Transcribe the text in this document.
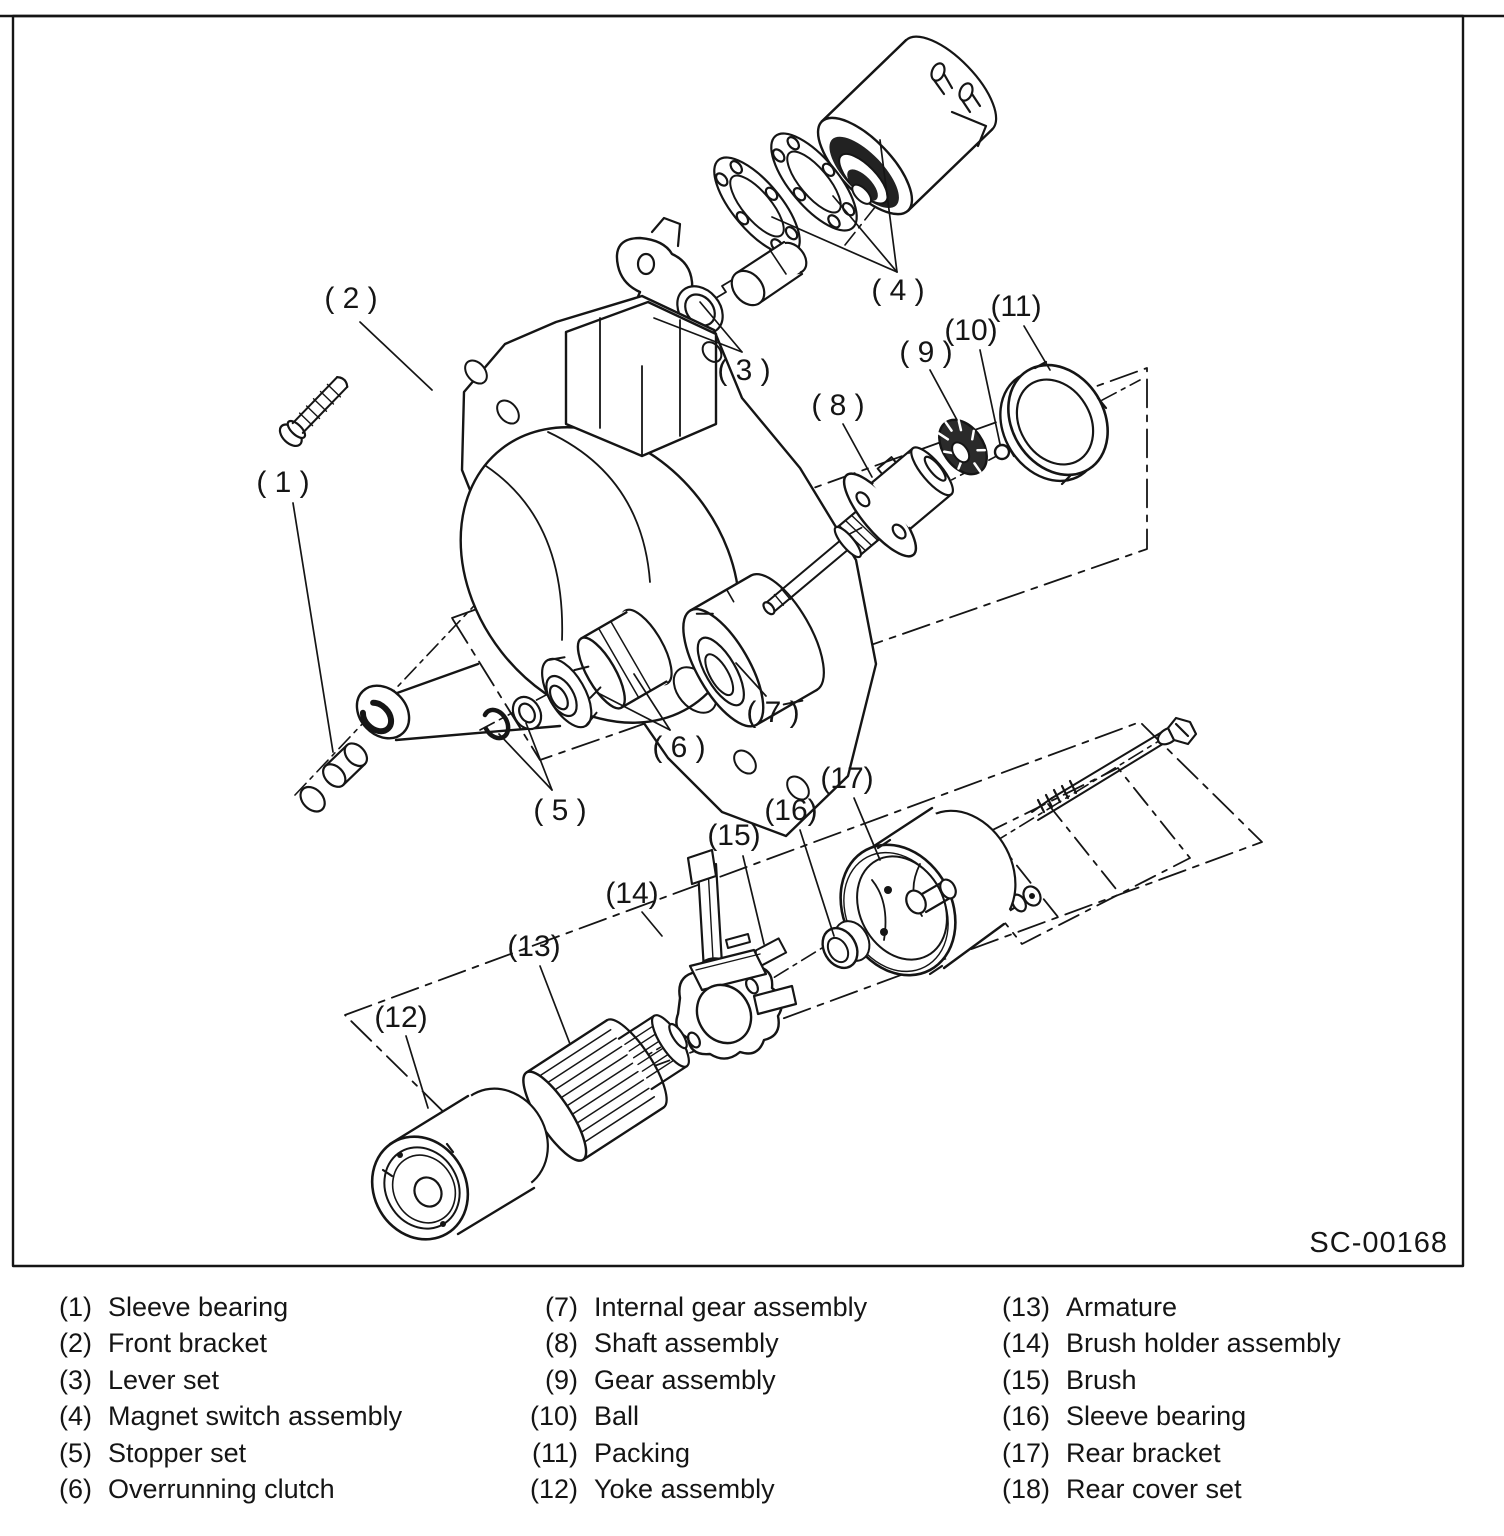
( 1 )
( 2 )
( 3 )
( 4 )
( 5 )
( 6 )
( 7 )
( 8 )
( 9 )
(10)
(11)
(12)
(13)
(14)
(15)
(16)
(17)
SC-00168
(1) Sleeve bearing
(2) Front bracket
(3) Lever set
(4) Magnet switch assembly
(5) Stopper set
(6) Overrunning clutch
(7) Internal gear assembly
(8) Shaft assembly
(9) Gear assembly
(10) Ball
(11) Packing
(12) Yoke assembly
(13) Armature
(14) Brush holder assembly
(15) Brush
(16) Sleeve bearing
(17) Rear bracket
(18) Rear cover set
